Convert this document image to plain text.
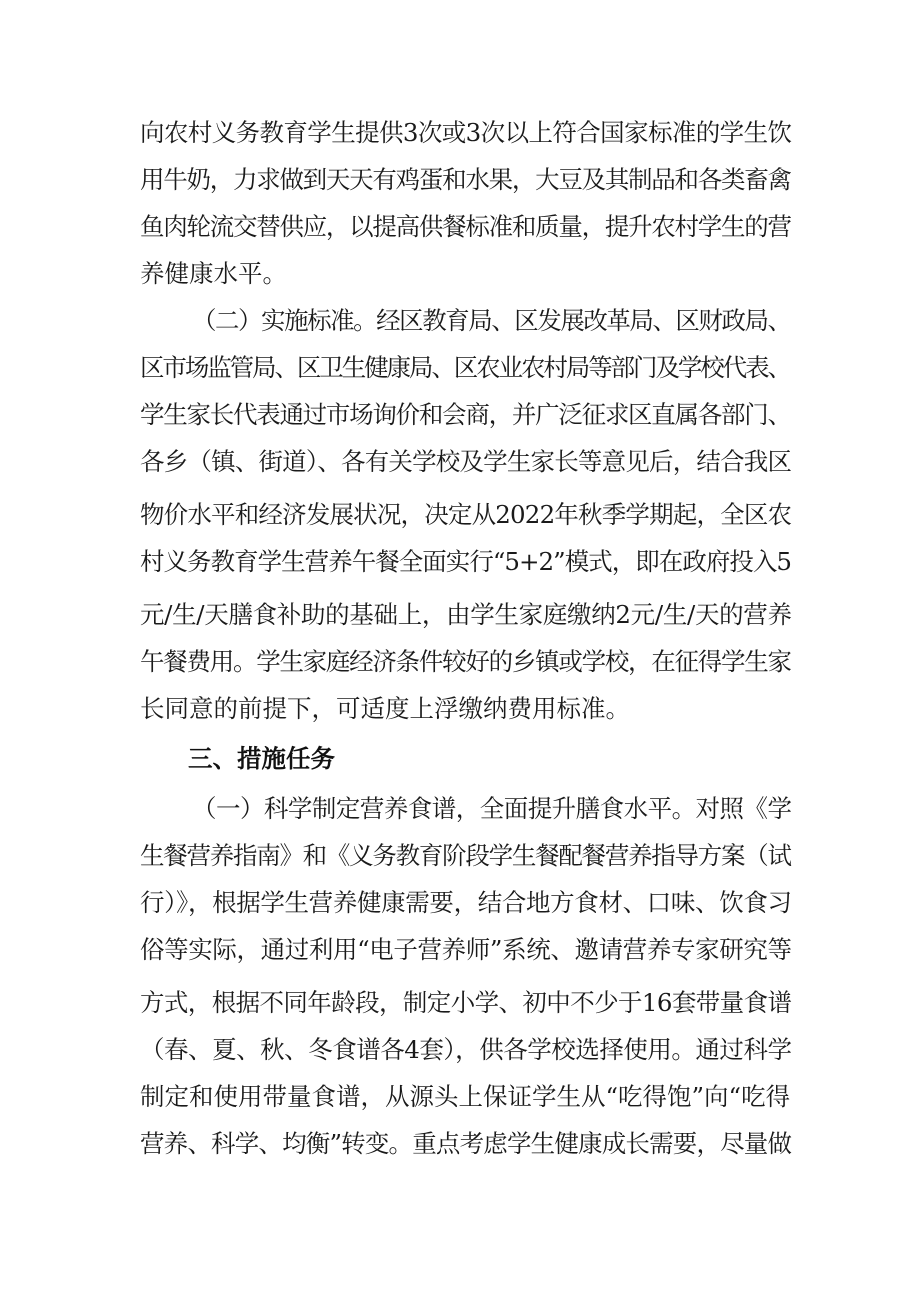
向农村义务教育学生提供3次或3次以上符合国家标准的学生饮
用牛奶，力求做到天天有鸡蛋和水果，大豆及其制品和各类畜禽
鱼肉轮流交替供应，以提高供餐标准和质量，提升农村学生的营
养健康水平。
（二）实施标准。经区教育局、区发展改革局、区财政局、
区市场监管局、区卫生健康局、区农业农村局等部门及学校代表、
学生家长代表通过市场询价和会商，并广泛征求区直属各部门、
各乡（镇、街道）、各有关学校及学生家长等意见后，结合我区
物价水平和经济发展状况，决定从2022年秋季学期起，全区农
村义务教育学生营养午餐全面实行“5+2”模式，即在政府投入5
元/生/天膳食补助的基础上，由学生家庭缴纳2元/生/天的营养
午餐费用。学生家庭经济条件较好的乡镇或学校，在征得学生家
长同意的前提下，可适度上浮缴纳费用标准。
三、措施任务
（一）科学制定营养食谱，全面提升膳食水平。对照《学
生餐营养指南》和《义务教育阶段学生餐配餐营养指导方案（试
行）》，根据学生营养健康需要，结合地方食材、口味、饮食习
俗等实际，通过利用“电子营养师”系统、邀请营养专家研究等
方式，根据不同年龄段，制定小学、初中不少于16套带量食谱
（春、夏、秋、冬食谱各4套），供各学校选择使用。通过科学
制定和使用带量食谱，从源头上保证学生从“吃得饱”向“吃得
营养、科学、均衡”转变。重点考虑学生健康成长需要，尽量做
